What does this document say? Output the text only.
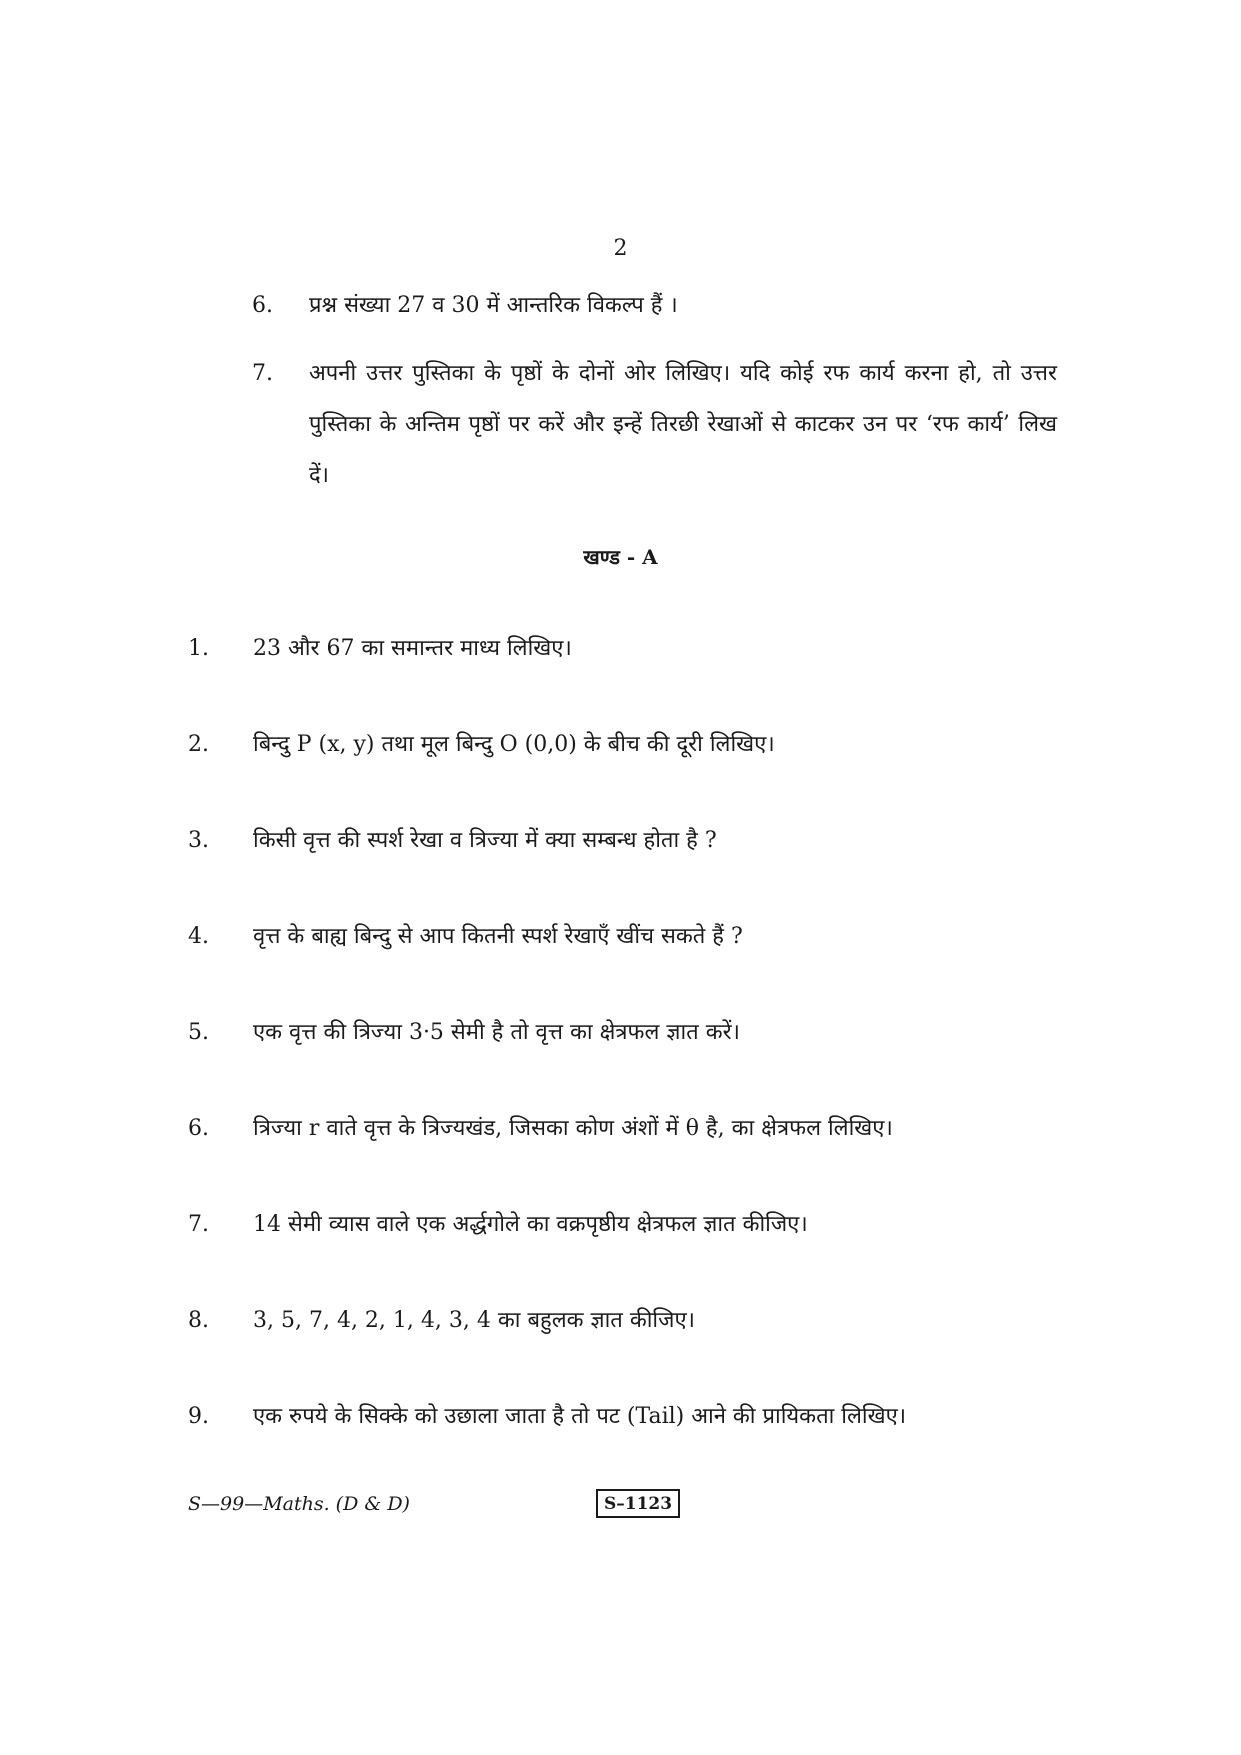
2
6. प्रश्न संख्या 27 व 30 में आन्तरिक विकल्प हैं ।
7. अपनी उत्तर पुस्तिका के पृष्ठों के दोनों ओर लिखिए। यदि कोई रफ कार्य करना हो, तो उत्तर पुस्तिका के अन्तिम पृष्ठों पर करें और इन्हें तिरछी रेखाओं से काटकर उन पर ‘रफ कार्य’ लिख दें।
खण्ड - A
1. 23 और 67 का समान्तर माध्य लिखिए।
2. बिन्दु P (x, y) तथा मूल बिन्दु O (0,0) के बीच की दूरी लिखिए।
3. किसी वृत्त की स्पर्श रेखा व त्रिज्या में क्या सम्बन्ध होता है ?
4. वृत्त के बाह्य बिन्दु से आप कितनी स्पर्श रेखाएँ खींच सकते हैं ?
5. एक वृत्त की त्रिज्या 3·5 सेमी है तो वृत्त का क्षेत्रफल ज्ञात करें।
6. त्रिज्या r वाते वृत्त के त्रिज्यखंड, जिसका कोण अंशों में θ है, का क्षेत्रफल लिखिए।
7. 14 सेमी व्यास वाले एक अर्द्धगोले का वक्रपृष्ठीय क्षेत्रफल ज्ञात कीजिए।
8. 3, 5, 7, 4, 2, 1, 4, 3, 4 का बहुलक ज्ञात कीजिए।
9. एक रुपये के सिक्के को उछाला जाता है तो पट (Tail) आने की प्रायिकता लिखिए।
S—99—Maths. (D & D)	S–1123
